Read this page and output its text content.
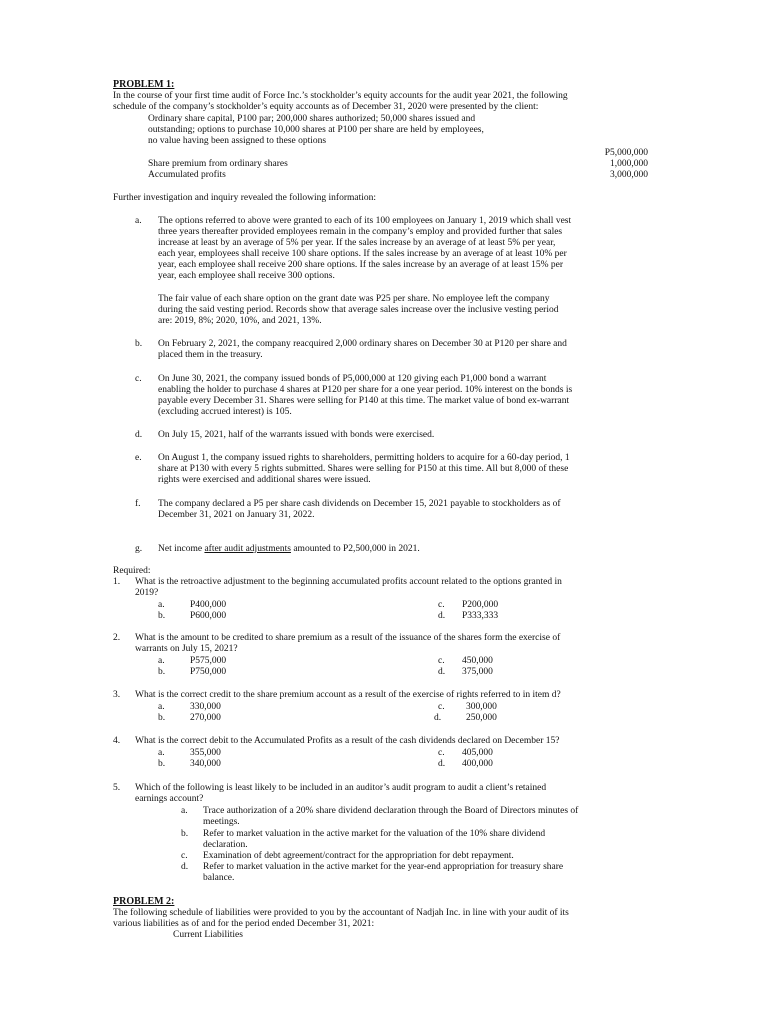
PROBLEM 1:
In the course of your first time audit of Force Inc.’s stockholder’s equity accounts for the audit year 2021, the following
schedule of the company’s stockholder’s equity accounts as of December 31, 2020 were presented by the client:
Ordinary share capital, P100 par; 200,000 shares authorized; 50,000 shares issued and
outstanding; options to purchase 10,000 shares at P100 per share are held by employees,
no value having been assigned to these options
P5,000,000
Share premium from ordinary shares	1,000,000
Accumulated profits	3,000,000
Further investigation and inquiry revealed the following information:
a. The options referred to above were granted to each of its 100 employees on January 1, 2019 which shall vest
three years thereafter provided employees remain in the company’s employ and provided further that sales
increase at least by an average of 5% per year. If the sales increase by an average of at least 5% per year,
each year, employees shall receive 100 share options. If the sales increase by an average of at least 10% per
year, each employee shall receive 200 share options. If the sales increase by an average of at least 15% per
year, each employee shall receive 300 options.
The fair value of each share option on the grant date was P25 per share. No employee left the company
during the said vesting period. Records show that average sales increase over the inclusive vesting period
are: 2019, 8%; 2020, 10%, and 2021, 13%.
b. On February 2, 2021, the company reacquired 2,000 ordinary shares on December 30 at P120 per share and
placed them in the treasury.
c. On June 30, 2021, the company issued bonds of P5,000,000 at 120 giving each P1,000 bond a warrant
enabling the holder to purchase 4 shares at P120 per share for a one year period. 10% interest on the bonds is
payable every December 31. Shares were selling for P140 at this time. The market value of bond ex-warrant
(excluding accrued interest) is 105.
d. On July 15, 2021, half of the warrants issued with bonds were exercised.
e. On August 1, the company issued rights to shareholders, permitting holders to acquire for a 60-day period, 1
share at P130 with every 5 rights submitted. Shares were selling for P150 at this time. All but 8,000 of these
rights were exercised and additional shares were issued.
f. The company declared a P5 per share cash dividends on December 15, 2021 payable to stockholders as of
December 31, 2021 on January 31, 2022.
g. Net income after audit adjustments amounted to P2,500,000 in 2021.
Required:
1. What is the retroactive adjustment to the beginning accumulated profits account related to the options granted in
2019?
a.	P400,000	c. P200,000
b.	P600,000	d. P333,333
2. What is the amount to be credited to share premium as a result of the issuance of the shares form the exercise of
warrants on July 15, 2021?
a.	P575,000	c. 450,000
b.	P750,000	d. 375,000
3. What is the correct credit to the share premium account as a result of the exercise of rights referred to in item d?
a.	330,000	c. 300,000
b.	270,000	d.	250,000
4. What is the correct debit to the Accumulated Profits as a result of the cash dividends declared on December 15?
a.	355,000	c. 405,000
b.	340,000	d. 400,000
5. Which of the following is least likely to be included in an auditor’s audit program to audit a client’s retained
earnings account?
a. Trace authorization of a 20% share dividend declaration through the Board of Directors minutes of
meetings.
b. Refer to market valuation in the active market for the valuation of the 10% share dividend
declaration.
c. Examination of debt agreement/contract for the appropriation for debt repayment.
d. Refer to market valuation in the active market for the year-end appropriation for treasury share
balance.
PROBLEM 2:
The following schedule of liabilities were provided to you by the accountant of Nadjah Inc. in line with your audit of its
various liabilities as of and for the period ended December 31, 2021:
Current Liabilities
